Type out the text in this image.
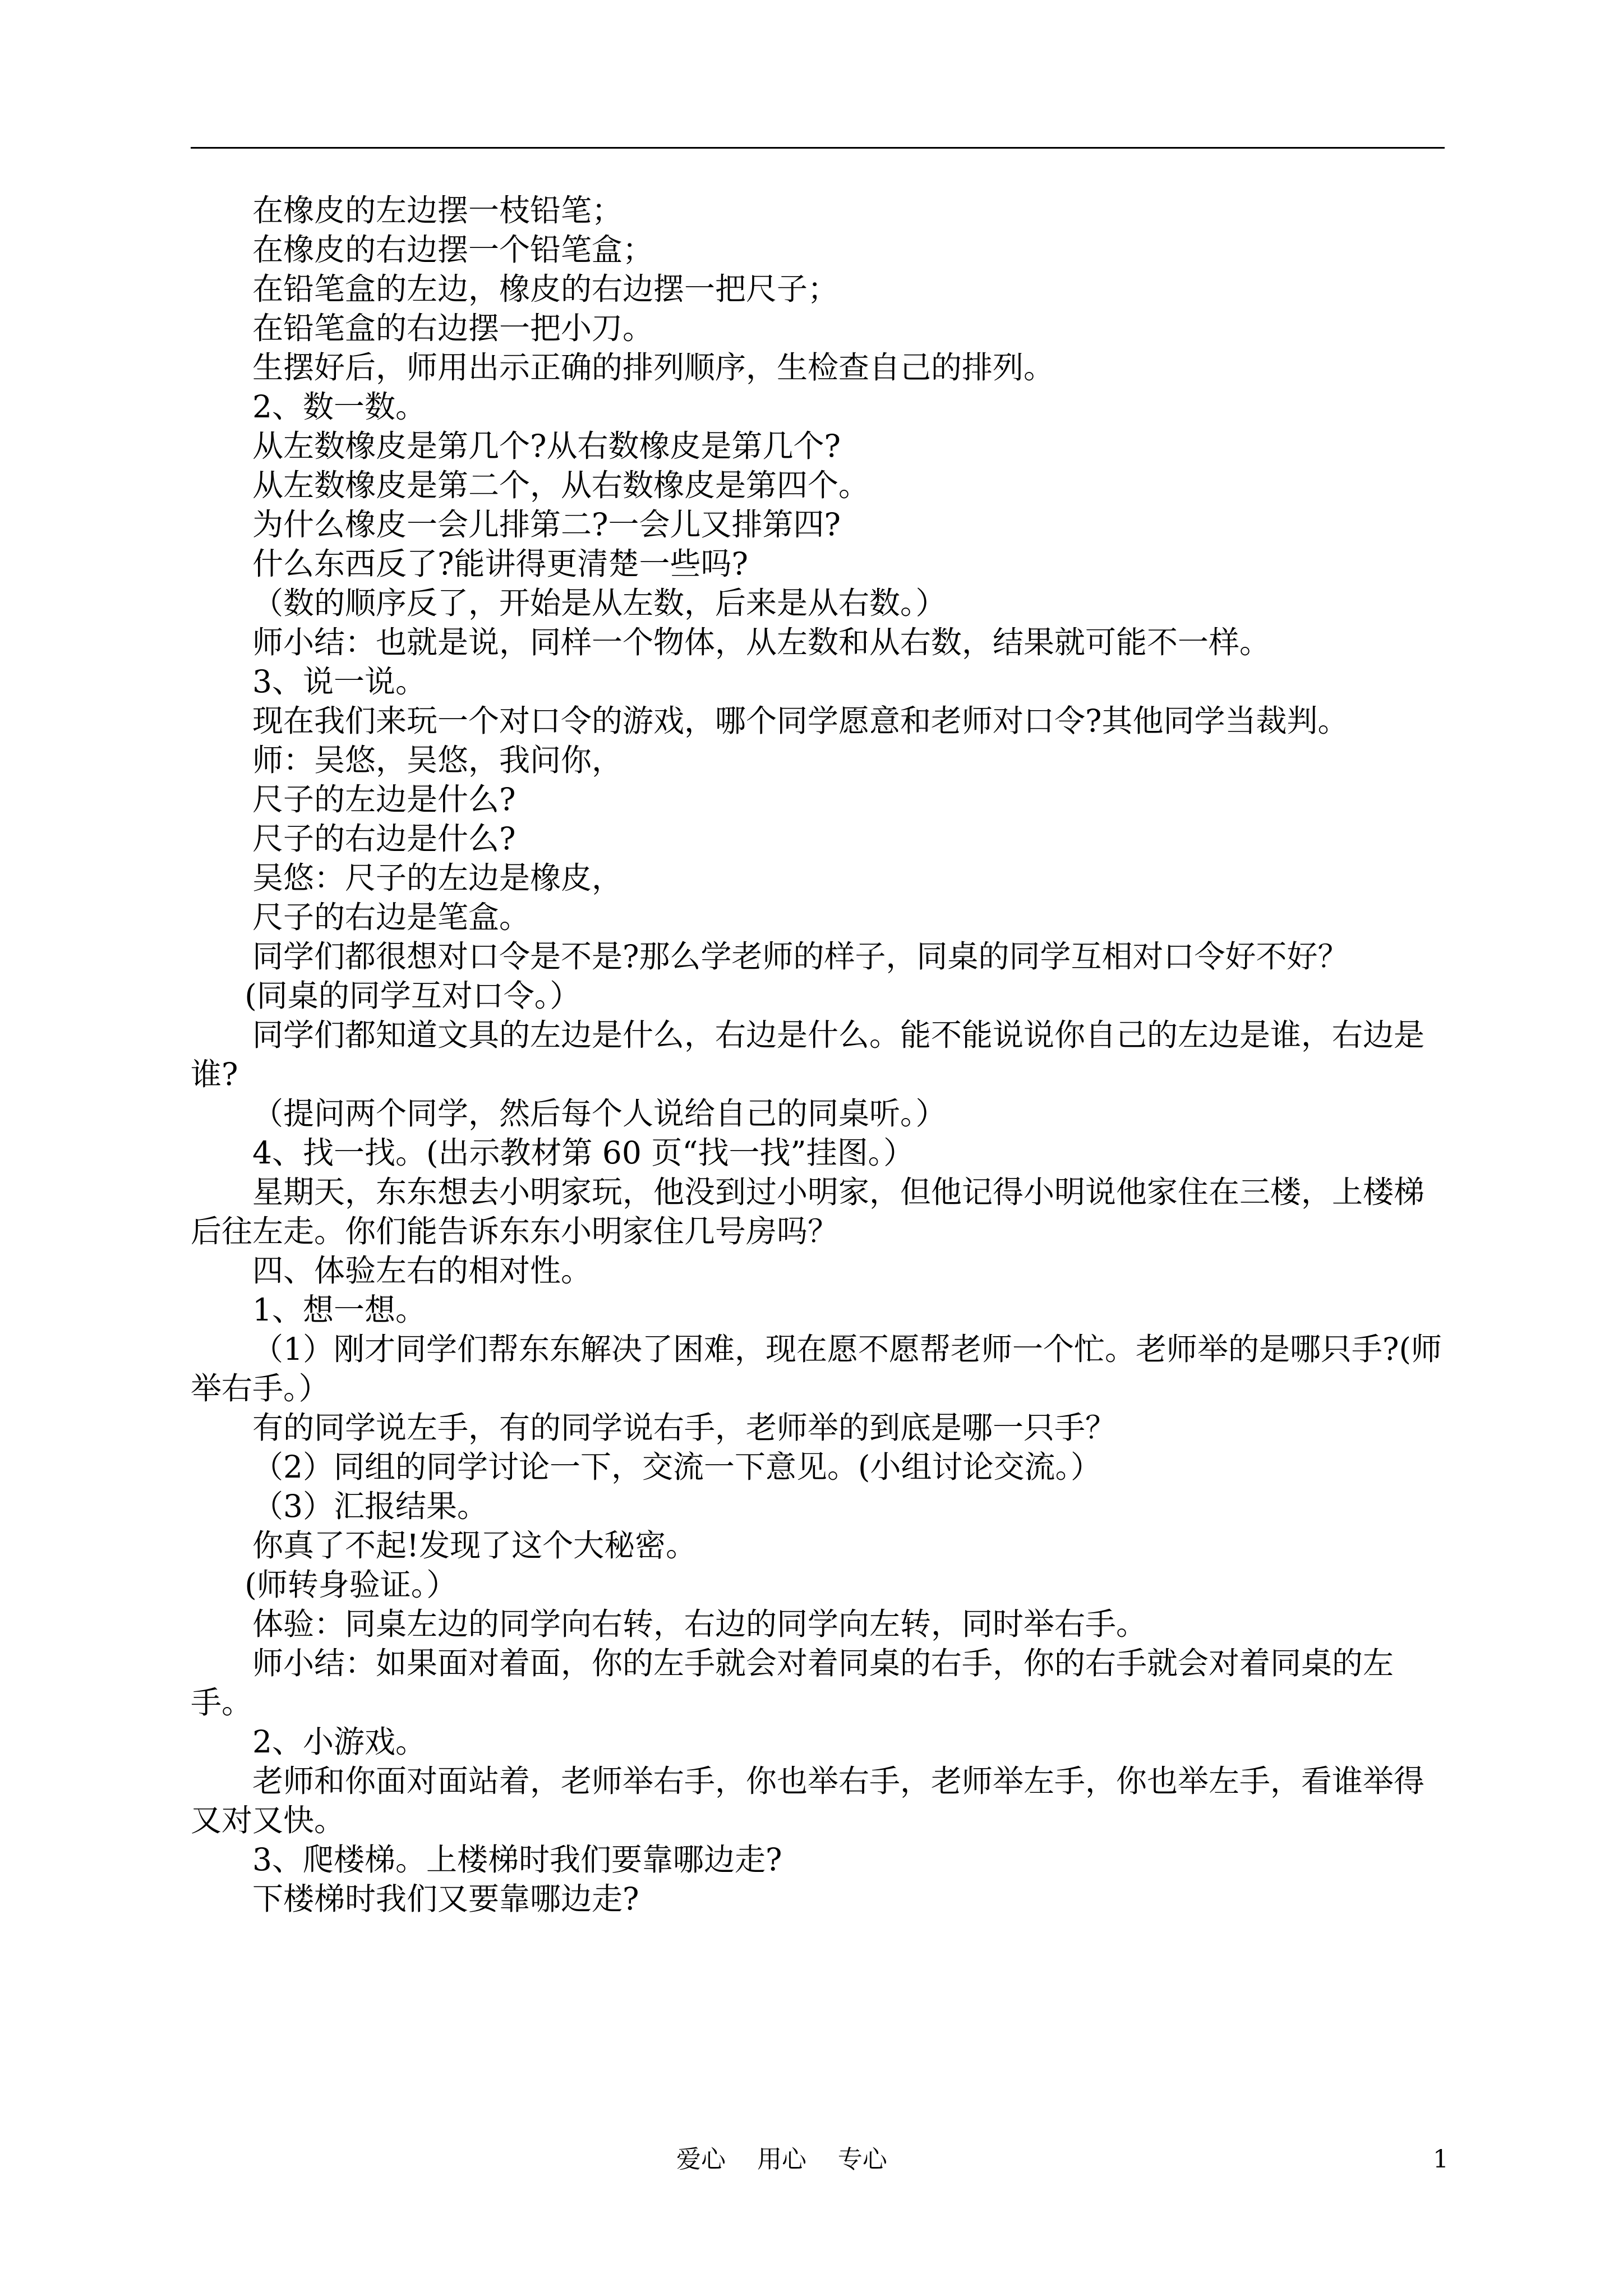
在橡皮的左边摆一枝铅笔；

在橡皮的右边摆一个铅笔盒；

在铅笔盒的左边，橡皮的右边摆一把尺子；

在铅笔盒的右边摆一把小刀。

生摆好后，师用出示正确的排列顺序，生检查自己的排列。

2、数一数。

从左数橡皮是第几个?从右数橡皮是第几个?

从左数橡皮是第二个，从右数橡皮是第四个。

为什么橡皮一会儿排第二?一会儿又排第四?

什么东西反了?能讲得更清楚一些吗?

（数的顺序反了，开始是从左数，后来是从右数。）

师小结：也就是说，同样一个物体，从左数和从右数，结果就可能不一样。

3、说一说。

现在我们来玩一个对口令的游戏，哪个同学愿意和老师对口令?其他同学当裁判。

师：吴悠，吴悠，我问你，

尺子的左边是什么?

尺子的右边是什么?

吴悠：尺子的左边是橡皮，

尺子的右边是笔盒。

同学们都很想对口令是不是?那么学老师的样子，同桌的同学互相对口令好不好？

(同桌的同学互对口令。）

同学们都知道文具的左边是什么，右边是什么。能不能说说你自己的左边是谁，右边是谁?

（提问两个同学，然后每个人说给自己的同桌听。）

4、找一找。(出示教材第 60 页“找一找”挂图。）

星期天，东东想去小明家玩，他没到过小明家，但他记得小明说他家住在三楼，上楼梯后往左走。你们能告诉东东小明家住几号房吗？

四、体验左右的相对性。

1、想一想。

（1）刚才同学们帮东东解决了困难，现在愿不愿帮老师一个忙。老师举的是哪只手?(师举右手。）

有的同学说左手，有的同学说右手，老师举的到底是哪一只手？

（2）同组的同学讨论一下，交流一下意见。(小组讨论交流。）

（3）汇报结果。

你真了不起!发现了这个大秘密。

(师转身验证。）

体验：同桌左边的同学向右转，右边的同学向左转，同时举右手。

师小结：如果面对着面，你的左手就会对着同桌的右手，你的右手就会对着同桌的左手。

2、小游戏。

老师和你面对面站着，老师举右手，你也举右手，老师举左手，你也举左手，看谁举得又对又快。

3、爬楼梯。上楼梯时我们要靠哪边走?

下楼梯时我们又要靠哪边走?

爱心    用心    专心	1
